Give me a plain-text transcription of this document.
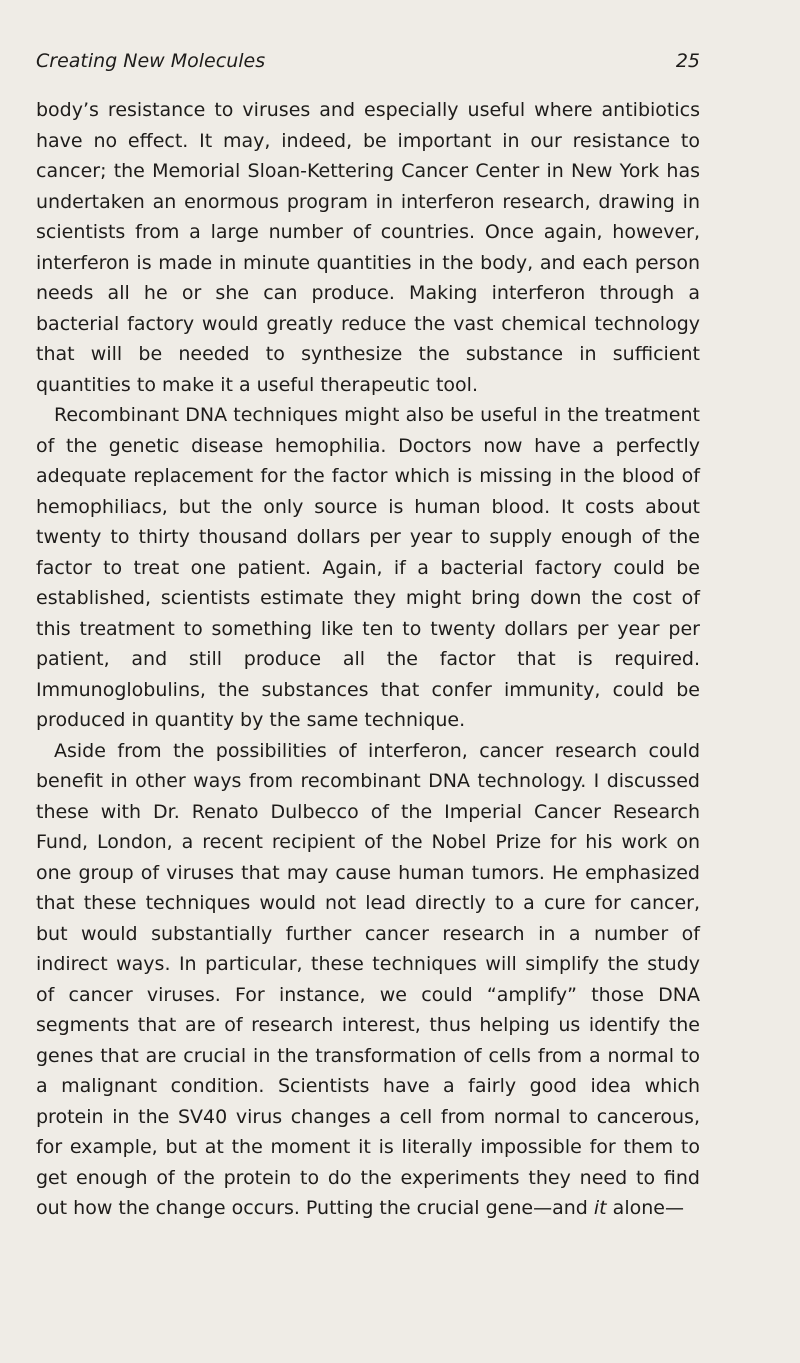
Creating New Molecules	25

body’s resistance to viruses and especially useful where antibiotics have no effect. It may, indeed, be important in our resistance to cancer; the Memorial Sloan-Kettering Cancer Center in New York has undertaken an enormous program in interferon research, drawing in scientists from a large number of countries. Once again, however, interferon is made in minute quantities in the body, and each person needs all he or she can produce. Making interferon through a bacterial factory would greatly reduce the vast chemical technology that will be needed to synthesize the substance in sufficient quantities to make it a useful therapeutic tool.

Recombinant DNA techniques might also be useful in the treatment of the genetic disease hemophilia. Doctors now have a perfectly adequate replacement for the factor which is missing in the blood of hemophiliacs, but the only source is human blood. It costs about twenty to thirty thousand dollars per year to supply enough of the factor to treat one patient. Again, if a bacterial factory could be established, scientists estimate they might bring down the cost of this treatment to something like ten to twenty dollars per year per patient, and still produce all the factor that is required. Immunoglobulins, the substances that confer immunity, could be produced in quantity by the same technique.

Aside from the possibilities of interferon, cancer research could benefit in other ways from recombinant DNA technology. I discussed these with Dr. Renato Dulbecco of the Imperial Cancer Research Fund, London, a recent recipient of the Nobel Prize for his work on one group of viruses that may cause human tumors. He emphasized that these techniques would not lead directly to a cure for cancer, but would substantially further cancer research in a number of indirect ways. In particular, these techniques will simplify the study of cancer viruses. For instance, we could “amplify” those DNA segments that are of research interest, thus helping us identify the genes that are crucial in the transformation of cells from a normal to a malignant condition. Scientists have a fairly good idea which protein in the SV40 virus changes a cell from normal to cancerous, for example, but at the moment it is literally impossible for them to get enough of the protein to do the experiments they need to find out how the change occurs. Putting the crucial gene—and it alone—
